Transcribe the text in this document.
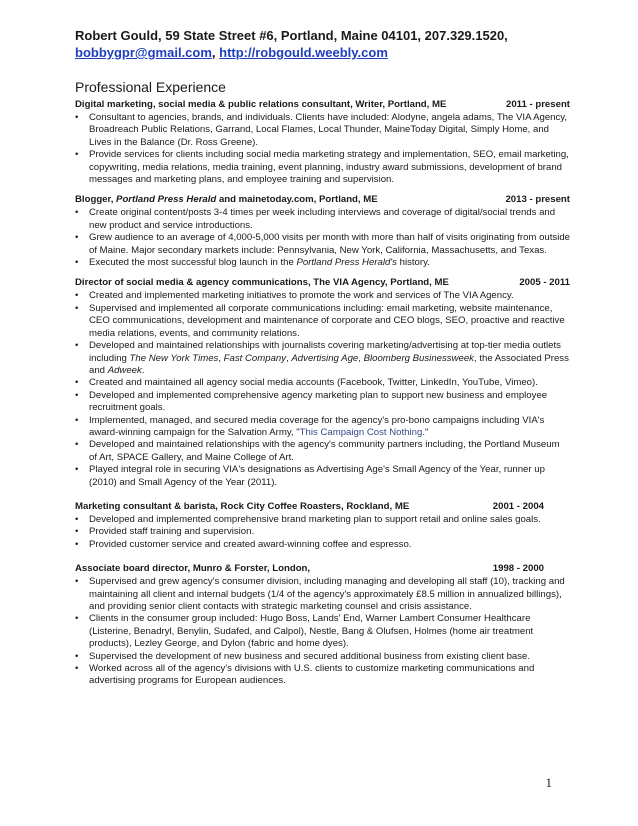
Robert Gould, 59 State Street #6, Portland, Maine 04101, 207.329.1520,
bobbygpr@gmail.com, http://robgould.weebly.com
Professional Experience
Digital marketing, social media & public relations consultant, Writer, Portland, ME	2011 - present
• Consultant to agencies, brands, and individuals. Clients have included: Alodyne, angela adams, The VIA Agency, Broadreach Public Relations, Garrand, Local Flames, Local Thunder, MaineToday Digital, Simply Home, and Lives in the Balance (Dr. Ross Greene).
• Provide services for clients including social media marketing strategy and implementation, SEO, email marketing, copywriting, media relations, media training, event planning, industry award submissions, development of brand messages and marketing plans, and employee training and supervision.
Blogger, Portland Press Herald and mainetoday.com, Portland, ME	2013 - present
• Create original content/posts 3-4 times per week including interviews and coverage of digital/social trends and new product and service introductions.
• Grew audience to an average of 4,000-5,000 visits per month with more than half of visits originating from outside of Maine. Major secondary markets include: Pennsylvania, New York, California, Massachusetts, and Texas.
• Executed the most successful blog launch in the Portland Press Herald's history.
Director of social media & agency communications, The VIA Agency, Portland, ME	2005 - 2011
• Created and implemented marketing initiatives to promote the work and services of The VIA Agency.
• Supervised and implemented all corporate communications including: email marketing, website maintenance, CEO communications, development and maintenance of corporate and CEO blogs, SEO, proactive and reactive media relations, events, and community relations.
• Developed and maintained relationships with journalists covering marketing/advertising at top-tier media outlets including The New York Times, Fast Company, Advertising Age, Bloomberg Businessweek, the Associated Press and Adweek.
• Created and maintained all agency social media accounts (Facebook, Twitter, LinkedIn, YouTube, Vimeo).
• Developed and implemented comprehensive agency marketing plan to support new business and employee recruitment goals.
• Implemented, managed, and secured media coverage for the agency's pro-bono campaigns including VIA's award-winning campaign for the Salvation Army, "This Campaign Cost Nothing."
• Developed and maintained relationships with the agency's community partners including, the Portland Museum of Art, SPACE Gallery, and Maine College of Art.
• Played integral role in securing VIA's designations as Advertising Age's Small Agency of the Year, runner up (2010) and Small Agency of the Year (2011).
Marketing consultant & barista, Rock City Coffee Roasters, Rockland, ME	2001 - 2004
• Developed and implemented comprehensive brand marketing plan to support retail and online sales goals.
• Provided staff training and supervision.
• Provided customer service and created award-winning coffee and espresso.
Associate board director, Munro & Forster, London,	1998 - 2000
• Supervised and grew agency's consumer division, including managing and developing all staff (10), tracking and maintaining all client and internal budgets (1/4 of the agency's approximately £8.5 million in annualized billings), and providing senior client contacts with strategic marketing counsel and crisis assistance.
• Clients in the consumer group included: Hugo Boss, Lands' End, Warner Lambert Consumer Healthcare (Listerine, Benadryl, Benylin, Sudafed, and Calpol), Nestle, Bang & Olufsen, Holmes (home air treatment products), Lezley George, and Dylon (fabric and home dyes).
• Supervised the development of new business and secured additional business from existing client base.
• Worked across all of the agency's divisions with U.S. clients to customize marketing communications and advertising programs for European audiences.
1
